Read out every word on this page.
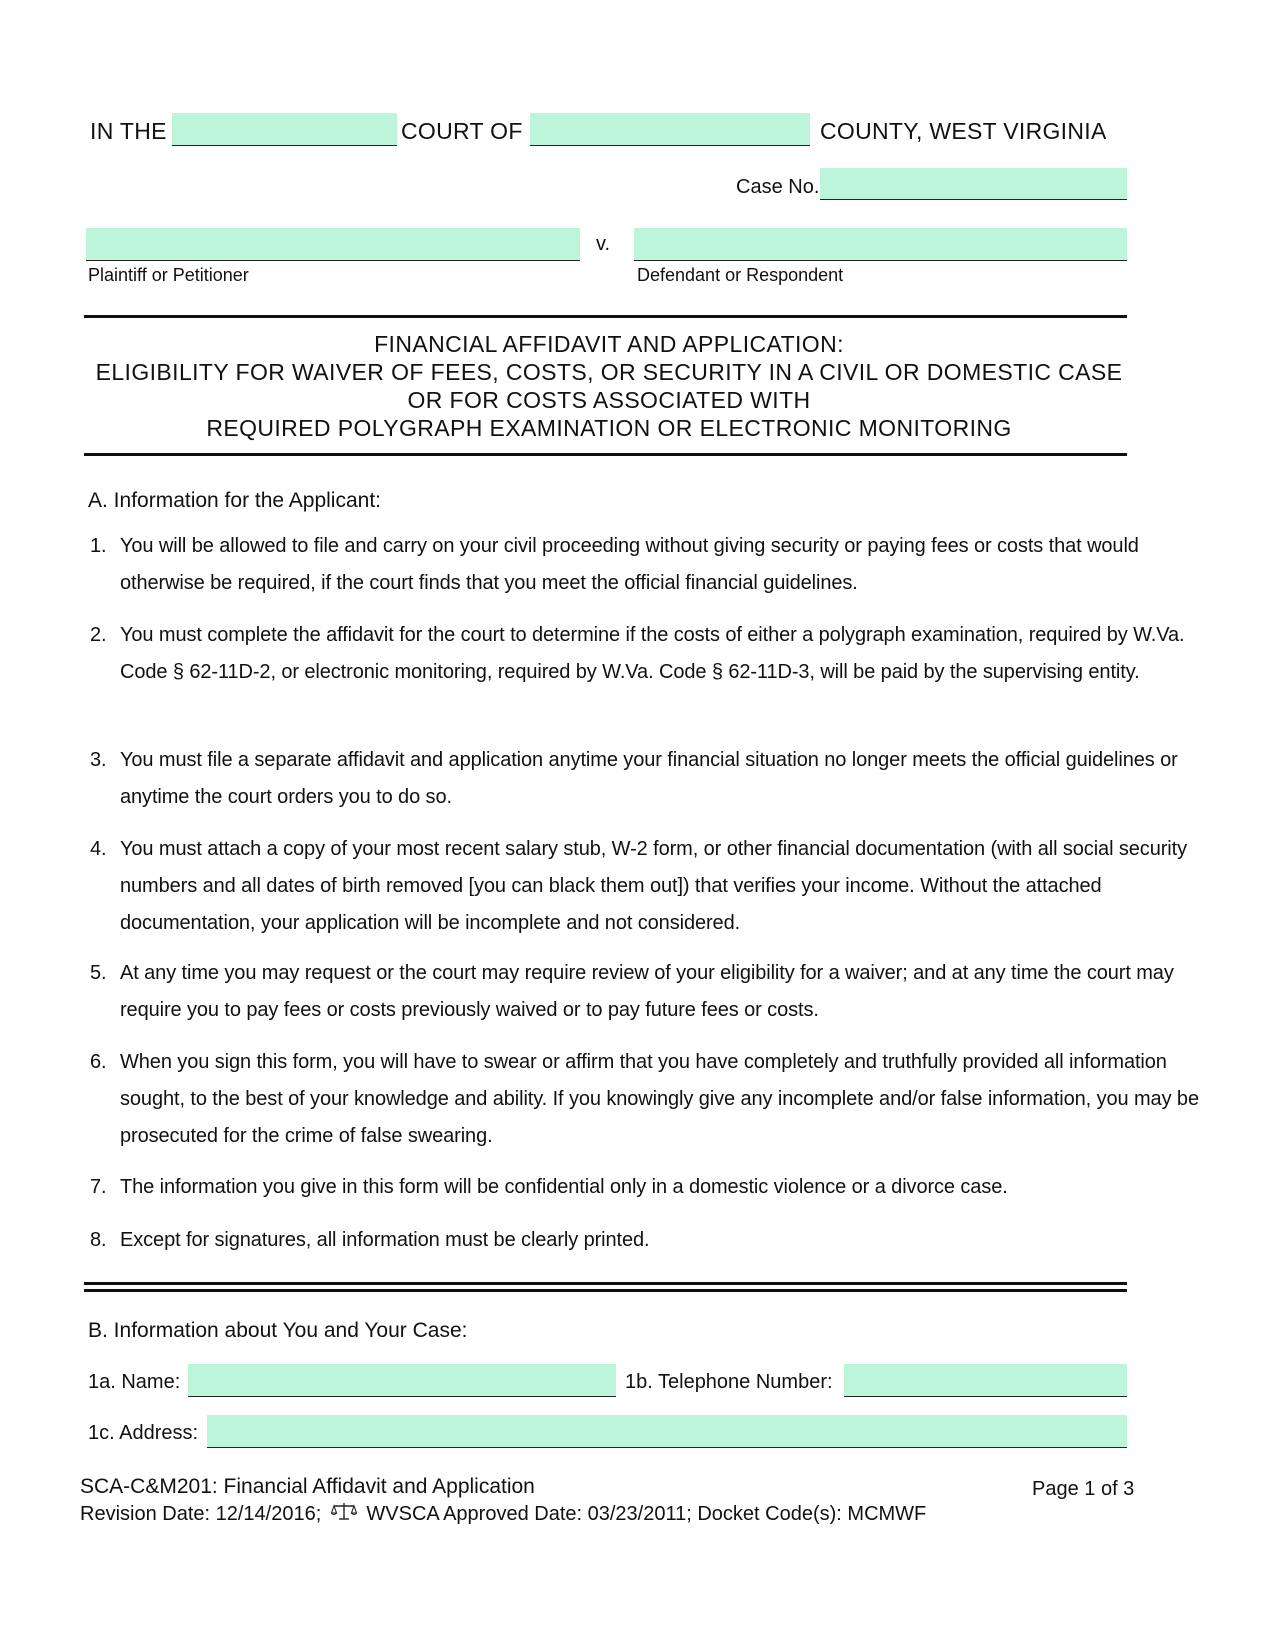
IN THE	COURT OF	COUNTY, WEST VIRGINIA
Case No.
v.
Plaintiff or Petitioner	Defendant or Respondent
FINANCIAL AFFIDAVIT AND APPLICATION:
ELIGIBILITY FOR WAIVER OF FEES, COSTS, OR SECURITY IN A CIVIL OR DOMESTIC CASE
OR FOR COSTS ASSOCIATED WITH
REQUIRED POLYGRAPH EXAMINATION OR ELECTRONIC MONITORING
A. Information for the Applicant:
1. You will be allowed to file and carry on your civil proceeding without giving security or paying fees or costs that would otherwise be required, if the court finds that you meet the official financial guidelines.
2. You must complete the affidavit for the court to determine if the costs of either a polygraph examination, required by W.Va. Code § 62-11D-2, or electronic monitoring, required by W.Va. Code § 62-11D-3, will be paid by the supervising entity.
3. You must file a separate affidavit and application anytime your financial situation no longer meets the official guidelines or anytime the court orders you to do so.
4. You must attach a copy of your most recent salary stub, W-2 form, or other financial documentation (with all social security numbers and all dates of birth removed [you can black them out]) that verifies your income. Without the attached documentation, your application will be incomplete and not considered.
5. At any time you may request or the court may require review of your eligibility for a waiver; and at any time the court may require you to pay fees or costs previously waived or to pay future fees or costs.
6. When you sign this form, you will have to swear or affirm that you have completely and truthfully provided all information sought, to the best of your knowledge and ability. If you knowingly give any incomplete and/or false information, you may be prosecuted for the crime of false swearing.
7. The information you give in this form will be confidential only in a domestic violence or a divorce case.
8. Except for signatures, all information must be clearly printed.
B. Information about You and Your Case:
1a. Name:	1b. Telephone Number:
1c. Address:
SCA-C&M201: Financial Affidavit and Application	Page 1 of 3
Revision Date: 12/14/2016; WVSCA Approved Date: 03/23/2011; Docket Code(s): MCMWF
